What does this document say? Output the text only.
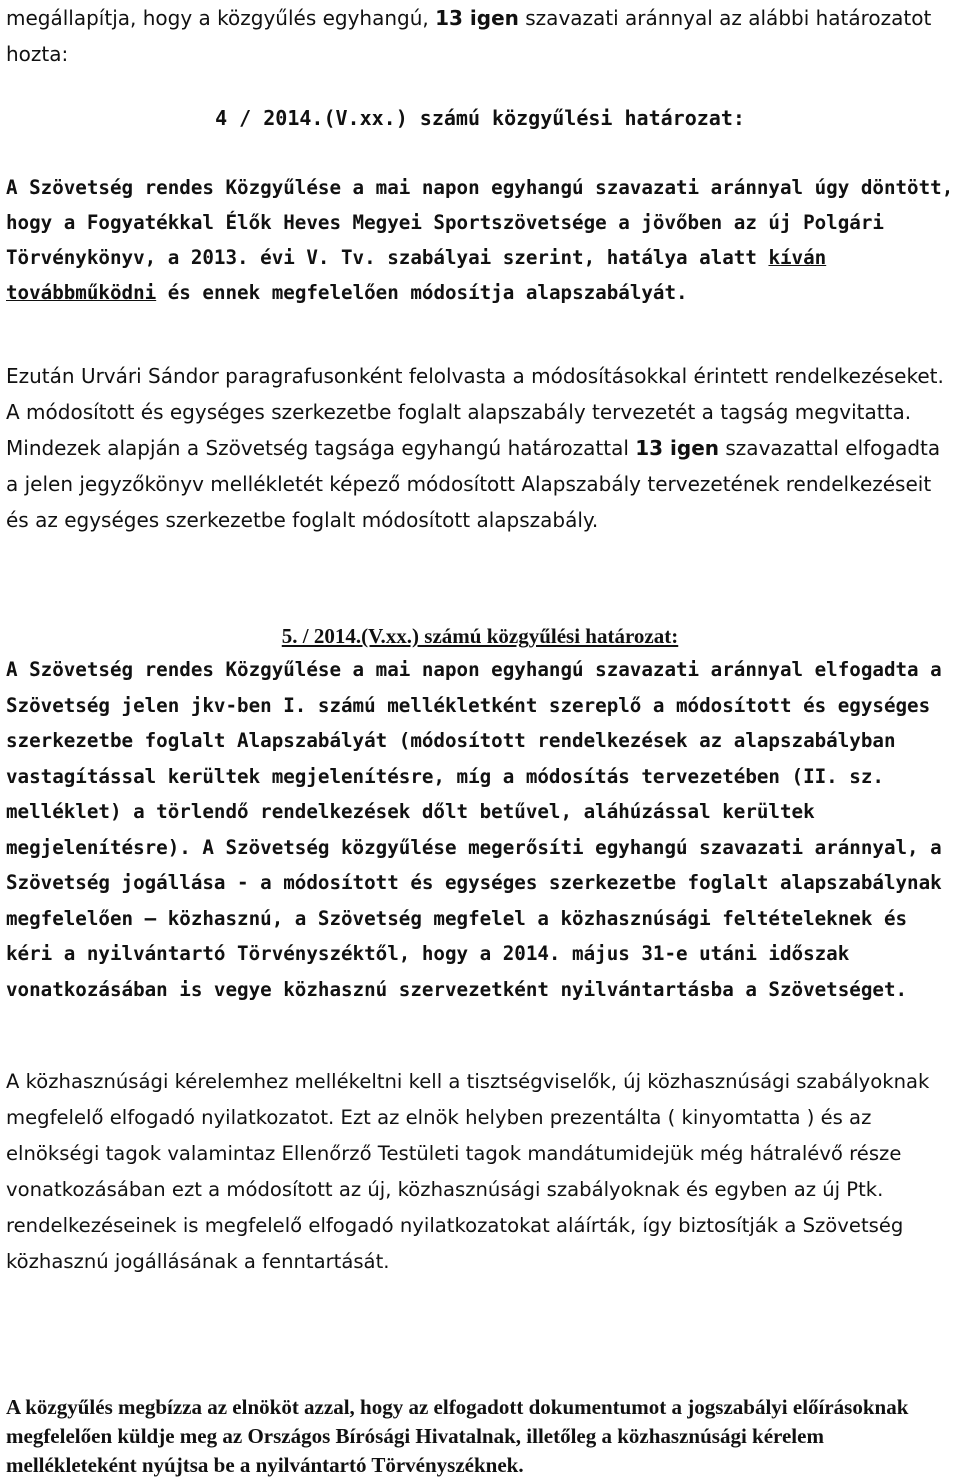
megállapítja, hogy a közgyűlés egyhangú, 13 igen szavazati aránnyal az alábbi határozatot hozta:

4 / 2014.(V.xx.) számú közgyűlési határozat:

A Szövetség rendes Közgyűlése a mai napon egyhangú szavazati aránnyal úgy döntött, hogy a Fogyatékkal Élők Heves Megyei Sportszövetsége a jövőben az új Polgári Törvénykönyv, a 2013. évi V. Tv. szabályai szerint, hatálya alatt kíván továbbműködni és ennek megfelelően módosítja alapszabályát.

Ezután Urvári Sándor paragrafusonként felolvasta a módosításokkal érintett rendelkezéseket. A módosított és egységes szerkezetbe foglalt alapszabály tervezetét a tagság megvitatta. Mindezek alapján a Szövetség tagsága egyhangú határozattal 13 igen szavazattal elfogadta a jelen jegyzőkönyv mellékletét képező módosított Alapszabály tervezetének rendelkezéseit és az egységes szerkezetbe foglalt módosított alapszabály.

5. / 2014.(V.xx.) számú közgyűlési határozat:

A Szövetség rendes Közgyűlése a mai napon egyhangú szavazati aránnyal elfogadta a Szövetség jelen jkv-ben I. számú mellékletként szereplő a módosított és egységes szerkezetbe foglalt Alapszabályát (módosított rendelkezések az alapszabályban vastagítással kerültek megjelenítésre, míg a módosítás tervezetében (II. sz. melléklet) a törlendő rendelkezések dőlt betűvel, aláhúzással kerültek megjelenítésre). A Szövetség közgyűlése megerősíti egyhangú szavazati aránnyal, a Szövetség jogállása - a módosított és egységes szerkezetbe foglalt alapszabálynak megfelelően – közhasznú, a Szövetség megfelel a közhasznúsági feltételeknek és kéri a nyilvántartó Törvényszéktől, hogy a 2014. május 31-e utáni időszak vonatkozásában is vegye közhasznú szervezetként nyilvántartásba a Szövetséget.

A közhasznúsági kérelemhez mellékeltni kell a tisztségviselők, új közhasznúsági szabályoknak megfelelő elfogadó nyilatkozatot. Ezt az elnök helyben prezentálta ( kinyomtatta ) és az elnökségi tagok valamintaz Ellenőrző Testületi tagok mandátumidejük még hátralévő része vonatkozásában ezt a módosított az új, közhasznúsági szabályoknak és egyben az új Ptk. rendelkezéseinek is megfelelő elfogadó nyilatkozatokat aláírták, így biztosítják a Szövetség közhasznú jogállásának a fenntartását.

A közgyűlés megbízza az elnököt azzal, hogy az elfogadott dokumentumot a jogszabályi előírásoknak megfelelően küldje meg az Országos Bírósági Hivatalnak, illetőleg a közhasznúsági kérelem mellékleteként nyújtsa be a nyilvántartó Törvényszéknek.
